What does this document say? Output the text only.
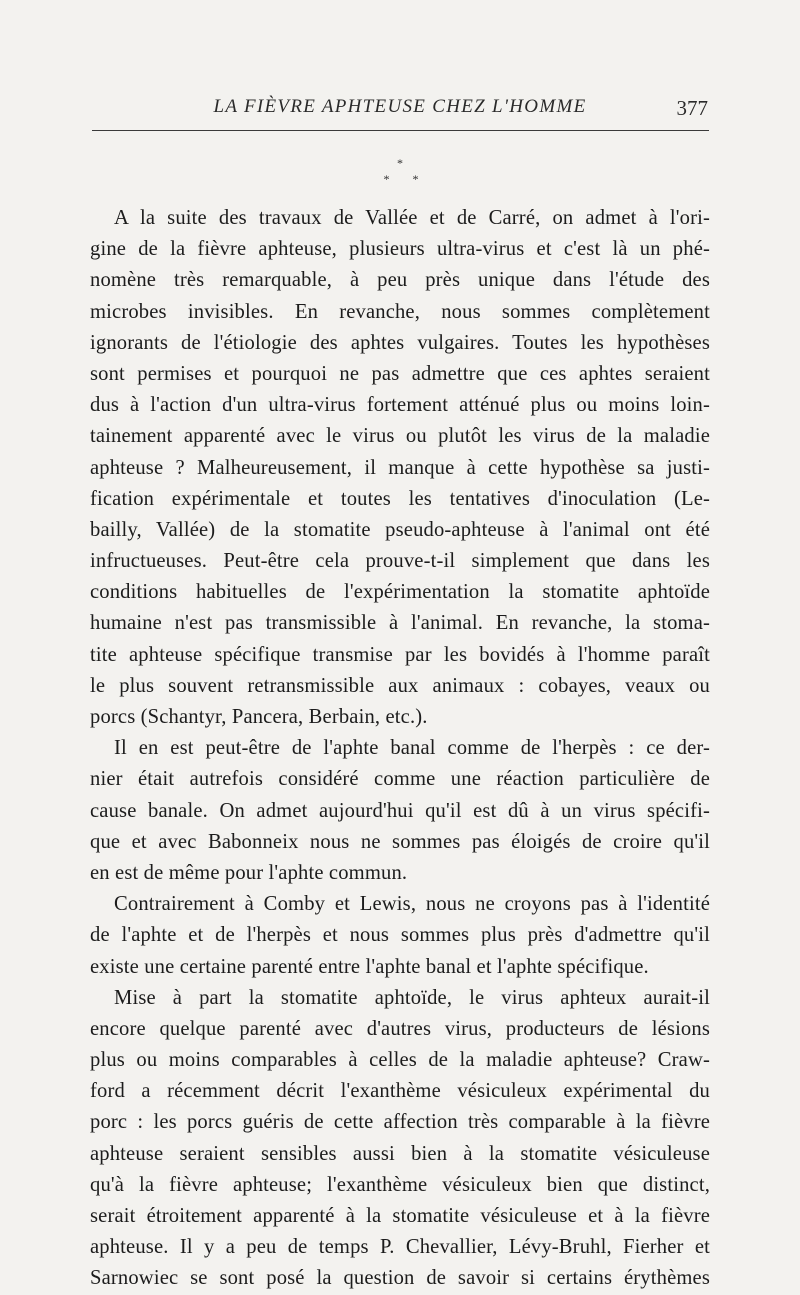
LA FIÈVRE APHTEUSE CHEZ L'HOMME	377
*
* *
A la suite des travaux de Vallée et de Carré, on admet à l'ori-
gine de la fièvre aphteuse, plusieurs ultra-virus et c'est là un phé-
nomène très remarquable, à peu près unique dans l'étude des
microbes invisibles. En revanche, nous sommes complètement
ignorants de l'étiologie des aphtes vulgaires. Toutes les hypothèses
sont permises et pourquoi ne pas admettre que ces aphtes seraient
dus à l'action d'un ultra-virus fortement atténué plus ou moins loin-
tainement apparenté avec le virus ou plutôt les virus de la maladie
aphteuse ? Malheureusement, il manque à cette hypothèse sa justi-
fication expérimentale et toutes les tentatives d'inoculation (Le-
bailly, Vallée) de la stomatite pseudo-aphteuse à l'animal ont été
infructueuses. Peut-être cela prouve-t-il simplement que dans les
conditions habituelles de l'expérimentation la stomatite aphtoïde
humaine n'est pas transmissible à l'animal. En revanche, la stoma-
tite aphteuse spécifique transmise par les bovidés à l'homme paraît
le plus souvent retransmissible aux animaux : cobayes, veaux ou
porcs (Schantyr, Pancera, Berbain, etc.).
Il en est peut-être de l'aphte banal comme de l'herpès : ce der-
nier était autrefois considéré comme une réaction particulière de
cause banale. On admet aujourd'hui qu'il est dû à un virus spécifi-
que et avec Babonneix nous ne sommes pas éloigés de croire qu'il
en est de même pour l'aphte commun.
Contrairement à Comby et Lewis, nous ne croyons pas à l'identité
de l'aphte et de l'herpès et nous sommes plus près d'admettre qu'il
existe une certaine parenté entre l'aphte banal et l'aphte spécifique.
Mise à part la stomatite aphtoïde, le virus aphteux aurait-il
encore quelque parenté avec d'autres virus, producteurs de lésions
plus ou moins comparables à celles de la maladie aphteuse? Craw-
ford a récemment décrit l'exanthème vésiculeux expérimental du
porc : les porcs guéris de cette affection très comparable à la fièvre
aphteuse seraient sensibles aussi bien à la stomatite vésiculeuse
qu'à la fièvre aphteuse; l'exanthème vésiculeux bien que distinct,
serait étroitement apparenté à la stomatite vésiculeuse et à la fièvre
aphteuse. Il y a peu de temps P. Chevallier, Lévy-Bruhl, Fierher et
Sarnowiec se sont posé la question de savoir si certains érythèmes
